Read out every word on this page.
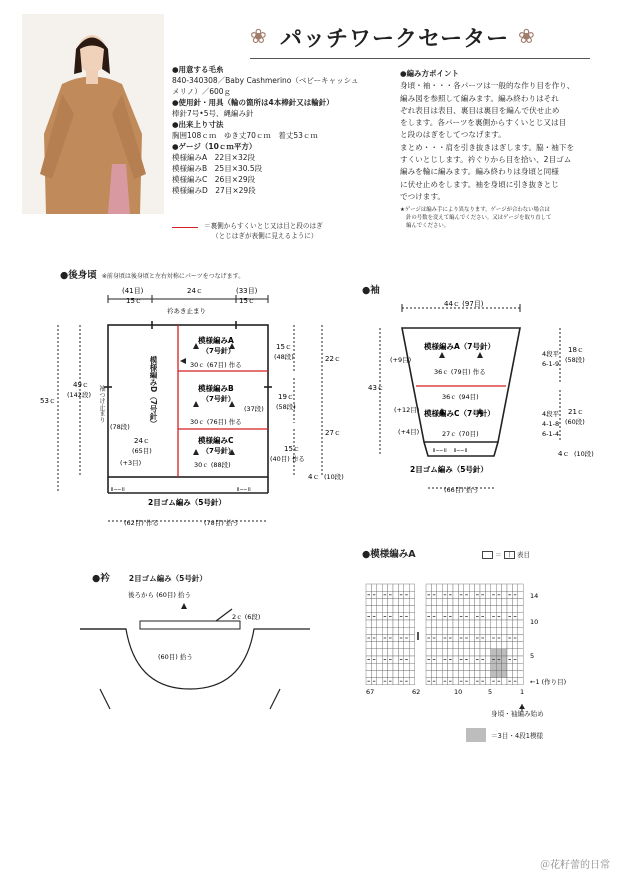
❀	❀
パッチワークセーター
●用意する毛糸
840-340308／Baby Cashmerino（ベビーキャッシュ
メリノ）／600ｇ
●使用針・用具（輪の箇所は4本棒針又は輪針）
棒針7号•5号、縄編み針
●出来上り寸法
胸囲108ｃｍ　ゆき丈70ｃｍ　着丈53ｃｍ
●ゲージ（10ｃｍ平方）
模様編みA　 22目×32段
模様編みB　 25目×30.5段
模様編みC　 26目×29段
模様編みD　 27目×29段
＝裏側からすくいとじ又は目と段のはぎ
（とじはぎが表側に見えるように）
●編み方ポイント
身頃・袖・・・各パーツは一般的な作り目を作り、
編み図を参照して編みます。編み終わりはそれ
ぞれ表目は表目、裏目は裏目を編んで伏せ止め
をします。各パーツを裏側からすくいとじ又は目
と段のはぎをしてつなげます。
まとめ・・・肩を引き抜きはぎします。脇・袖下を
すくいとじします。衿ぐりから目を拾い、2目ゴム
編みを輪に編みます。編み終わりは身頃と同様
に伏せ止めをします。袖を身頃に引き抜きとじ
でつけます。
★ゲージは編み手により異なります。ゲージが合わない場合は
針の号数を変えて編んでください。又はゲージを取り直して
編んでください。
●後身頃 ※前身頃は後身頃と左右対称にパーツをつなげます。
15ｃ
(41目)	24ｃ
15ｃ
(33目)
衿あき止まり
49ｃ
(142段)
53ｃ
(78段)
24ｃ
(65目)
(+3目)
模様編みA
（7号針）
30ｃ (67目) 作る
模様編みB
（7号針）
30ｃ (76目) 作る
模様編みC
（7号針）
30ｃ (88段)
15ｃ
(48段)
(37段)
19ｃ
(58段)
15ｃ
(40目) 作る
22ｃ
27ｃ
4ｃ (10段)
2目ゴム編み（5号針）
(62目) 作る	(78目) 拾う
॥‒‒॥	॥‒‒॥
模様編みD（7号針）
袖つけ止まり
●袖
44ｃ (97目)
模様編みA（7号針）
(+9目)
4段平
6-1-9
18ｃ
(58段)
43ｃ
36ｃ (79目) 作る
36ｃ (94目)
(+12目) 模様編みC（7号針）	4段平
4-1-8
6-1-4
21ｃ
(60段)
(+4目)	27ｃ (70目)
4ｃ (10段)
॥‒‒॥　॥‒‒॥
2目ゴム編み（5号針）
(66目) 拾う
●衿	2目ゴム編み（5号針）
後ろから (60目) 拾う
2ｃ (6段)
(60目) 拾う
●模様編みA	＝ | 表目
‖
14
10
5
←1 (作り目)
67	62	10	5	1
身頃・袖編み始め
＝3目・4段1模様
＠花籽蕾的日常
